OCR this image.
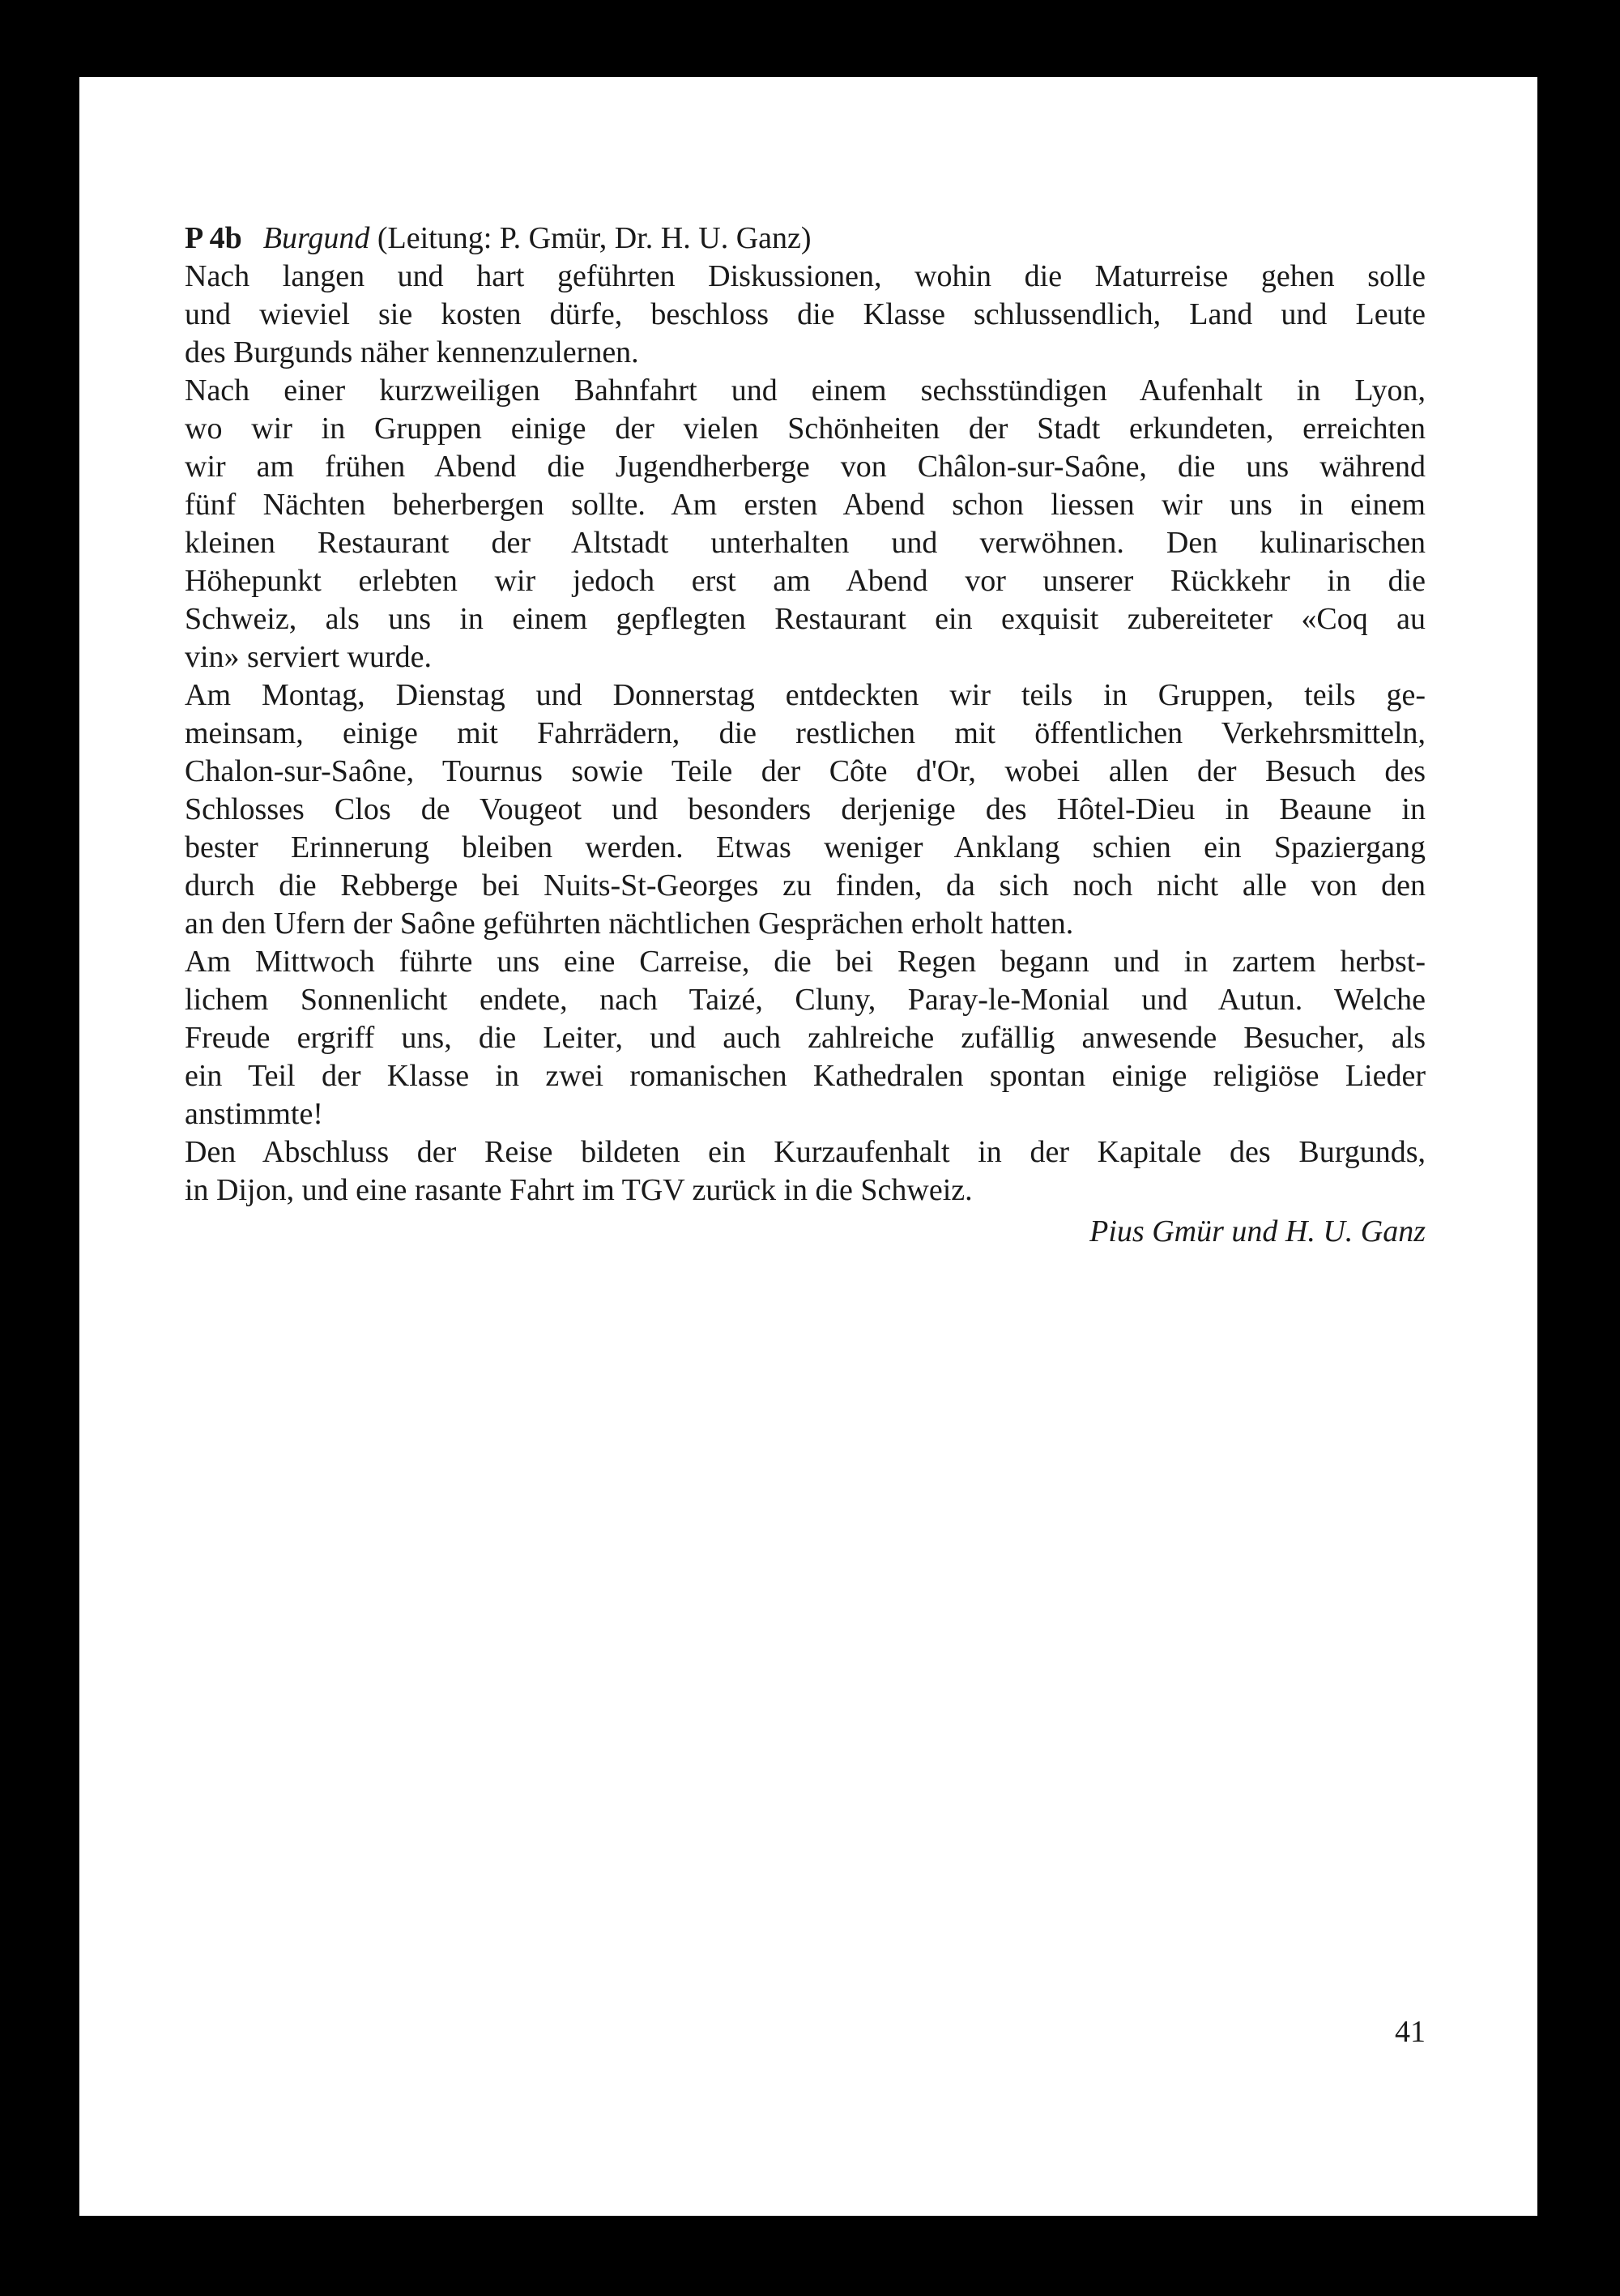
P 4b Burgund (Leitung: P. Gmür, Dr. H. U. Ganz)

Nach langen und hart geführten Diskussionen, wohin die Maturreise gehen solle
und wieviel sie kosten dürfe, beschloss die Klasse schlussendlich, Land und Leute
des Burgunds näher kennenzulernen.

Nach einer kurzweiligen Bahnfahrt und einem sechsstündigen Aufenhalt in Lyon,
wo wir in Gruppen einige der vielen Schönheiten der Stadt erkundeten, erreichten
wir am frühen Abend die Jugendherberge von Châlon-sur-Saône, die uns während
fünf Nächten beherbergen sollte. Am ersten Abend schon liessen wir uns in einem
kleinen Restaurant der Altstadt unterhalten und verwöhnen. Den kulinarischen
Höhepunkt erlebten wir jedoch erst am Abend vor unserer Rückkehr in die
Schweiz, als uns in einem gepflegten Restaurant ein exquisit zubereiteter «Coq au
vin» serviert wurde.

Am Montag, Dienstag und Donnerstag entdeckten wir teils in Gruppen, teils ge-
meinsam, einige mit Fahrrädern, die restlichen mit öffentlichen Verkehrsmitteln,
Chalon-sur-Saône, Tournus sowie Teile der Côte d'Or, wobei allen der Besuch des
Schlosses Clos de Vougeot und besonders derjenige des Hôtel-Dieu in Beaune in
bester Erinnerung bleiben werden. Etwas weniger Anklang schien ein Spaziergang
durch die Rebberge bei Nuits-St-Georges zu finden, da sich noch nicht alle von den
an den Ufern der Saône geführten nächtlichen Gesprächen erholt hatten.

Am Mittwoch führte uns eine Carreise, die bei Regen begann und in zartem herbst-
lichem Sonnenlicht endete, nach Taizé, Cluny, Paray-le-Monial und Autun. Welche
Freude ergriff uns, die Leiter, und auch zahlreiche zufällig anwesende Besucher, als
ein Teil der Klasse in zwei romanischen Kathedralen spontan einige religiöse Lieder
anstimmte!

Den Abschluss der Reise bildeten ein Kurzaufenhalt in der Kapitale des Burgunds,
in Dijon, und eine rasante Fahrt im TGV zurück in die Schweiz.

Pius Gmür und H. U. Ganz

41
